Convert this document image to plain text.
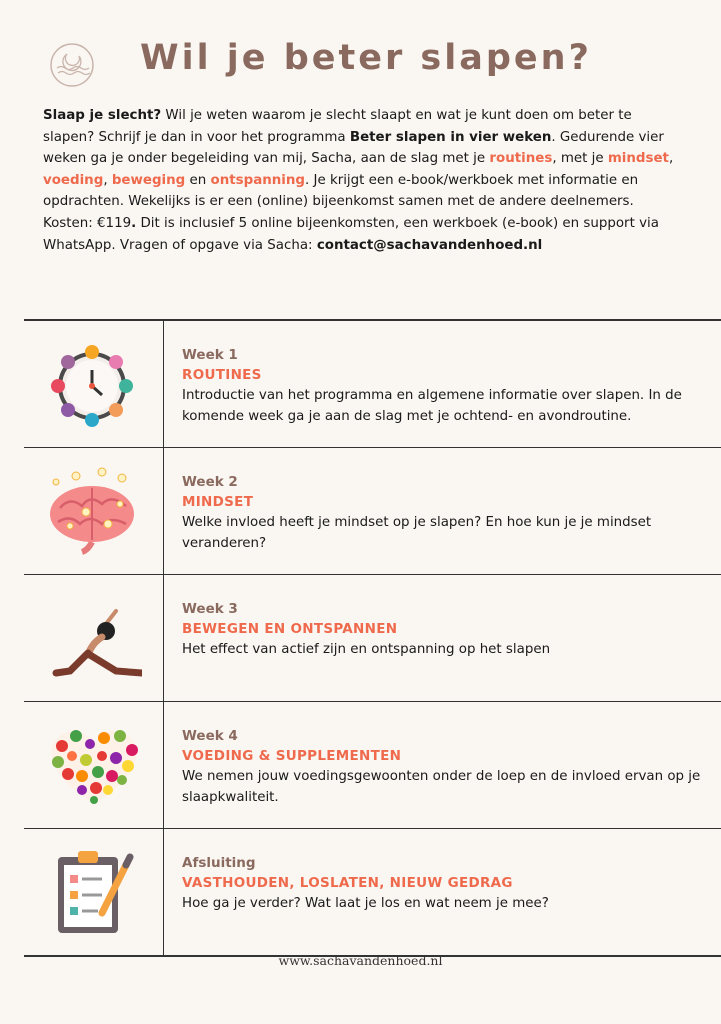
Wil je beter slapen?
Slaap je slecht? Wil je weten waarom je slecht slaapt en wat je kunt doen om beter te slapen? Schrijf je dan in voor het programma Beter slapen in vier weken. Gedurende vier weken ga je onder begeleiding van mij, Sacha, aan de slag met je routines, met je mindset, voeding, beweging en ontspanning. Je krijgt een e-book/werkboek met informatie en opdrachten. Wekelijks is er een (online) bijeenkomst samen met de andere deelnemers.
Kosten: €119. Dit is inclusief 5 online bijeenkomsten, een werkboek (e-book) en support via WhatsApp. Vragen of opgave via Sacha: contact@sachavandenhoed.nl
Week 1
ROUTINES
Introductie van het programma en algemene informatie over slapen. In de komende week ga je aan de slag met je ochtend- en avondroutine.
Week 2
MINDSET
Welke invloed heeft je mindset op je slapen? En hoe kun je je mindset veranderen?
Week 3
BEWEGEN EN ONTSPANNEN
Het effect van actief zijn en ontspanning op het slapen
Week 4
VOEDING & SUPPLEMENTEN
We nemen jouw voedingsgewoonten onder de loep en de invloed ervan op je slaapkwaliteit.
Afsluiting
VASTHOUDEN, LOSLATEN, NIEUW GEDRAG
Hoe ga je verder? Wat laat je los en wat neem je mee?
www.sachavandenhoed.nl
